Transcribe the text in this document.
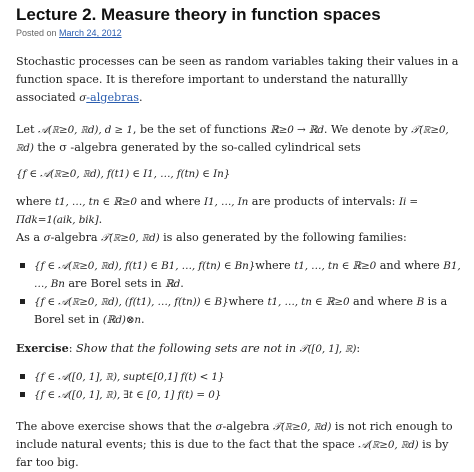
Lecture 2. Measure theory in function spaces
Posted on March 24, 2012

Stochastic processes can be seen as random variables taking their values in a function space. It is therefore important to understand the naturallly associated σ-algebras.

Let 𝒜(ℝ≥0, ℝd), d ≥ 1, be the set of functions ℝ≥0 → ℝd. We denote by 𝒯(ℝ≥0, ℝd) the σ -algebra generated by the so-called cylindrical sets

{f ∈ 𝒜(ℝ≥0, ℝd), f(t1) ∈ I1, …, f(tn) ∈ In}

where t1, …, tn ∈ ℝ≥0 and where I1, …, In are products of intervals: Ii = Πdk=1(aik, bik].
As a σ-algebra 𝒯(ℝ≥0, ℝd) is also generated by the following families:

{f ∈ 𝒜(ℝ≥0, ℝd), f(t1) ∈ B1, …, f(tn) ∈ Bn}where t1, …, tn ∈ ℝ≥0 and where B1, …, Bn are Borel sets in ℝd.
{f ∈ 𝒜(ℝ≥0, ℝd), (f(t1), …, f(tn)) ∈ B}where t1, …, tn ∈ ℝ≥0 and where B is a Borel set in (ℝd)⊗n.

Exercise: Show that the following sets are not in 𝒯([0, 1], ℝ):

{f ∈ 𝒜([0, 1], ℝ), supt∈[0,1] f(t) < 1}
{f ∈ 𝒜([0, 1], ℝ), ∃t ∈ [0, 1] f(t) = 0}

The above exercise shows that the σ-algebra 𝒯(ℝ≥0, ℝd) is not rich enough to include natural events; this is due to the fact that the space 𝒜(ℝ≥0, ℝd) is by far too big.
